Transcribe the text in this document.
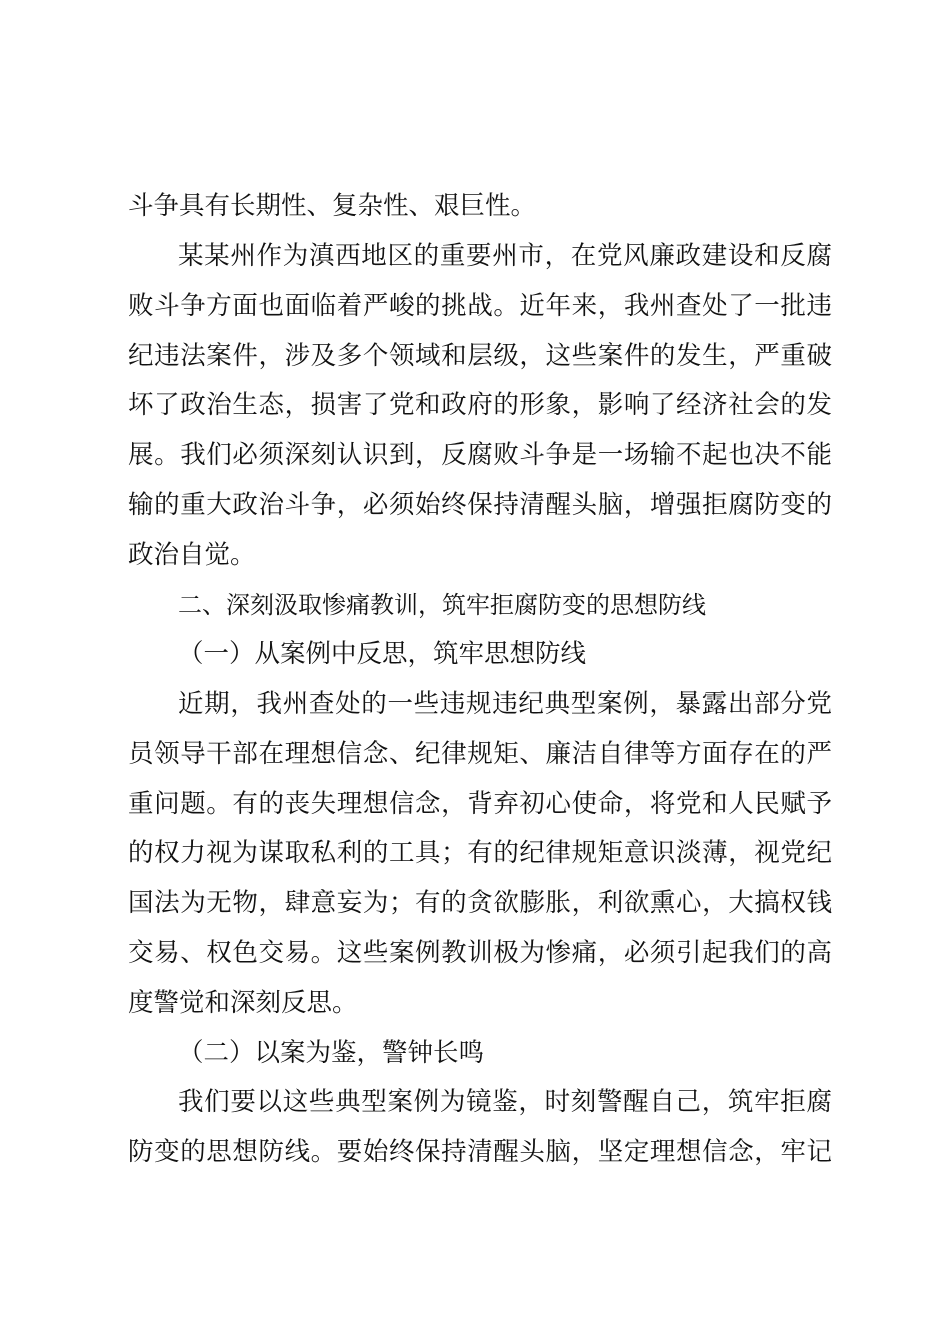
斗争具有长期性、复杂性、艰巨性。
某某州作为滇西地区的重要州市，在党风廉政建设和反腐
败斗争方面也面临着严峻的挑战。近年来，我州查处了一批违
纪违法案件，涉及多个领域和层级，这些案件的发生，严重破
坏了政治生态，损害了党和政府的形象，影响了经济社会的发
展。我们必须深刻认识到，反腐败斗争是一场输不起也决不能
输的重大政治斗争，必须始终保持清醒头脑，增强拒腐防变的
政治自觉。
二、深刻汲取惨痛教训，筑牢拒腐防变的思想防线
（一）从案例中反思，筑牢思想防线
近期，我州查处的一些违规违纪典型案例，暴露出部分党
员领导干部在理想信念、纪律规矩、廉洁自律等方面存在的严
重问题。有的丧失理想信念，背弃初心使命，将党和人民赋予
的权力视为谋取私利的工具；有的纪律规矩意识淡薄，视党纪
国法为无物，肆意妄为；有的贪欲膨胀，利欲熏心，大搞权钱
交易、权色交易。这些案例教训极为惨痛，必须引起我们的高
度警觉和深刻反思。
（二）以案为鉴，警钟长鸣
我们要以这些典型案例为镜鉴，时刻警醒自己，筑牢拒腐
防变的思想防线。要始终保持清醒头脑，坚定理想信念，牢记
